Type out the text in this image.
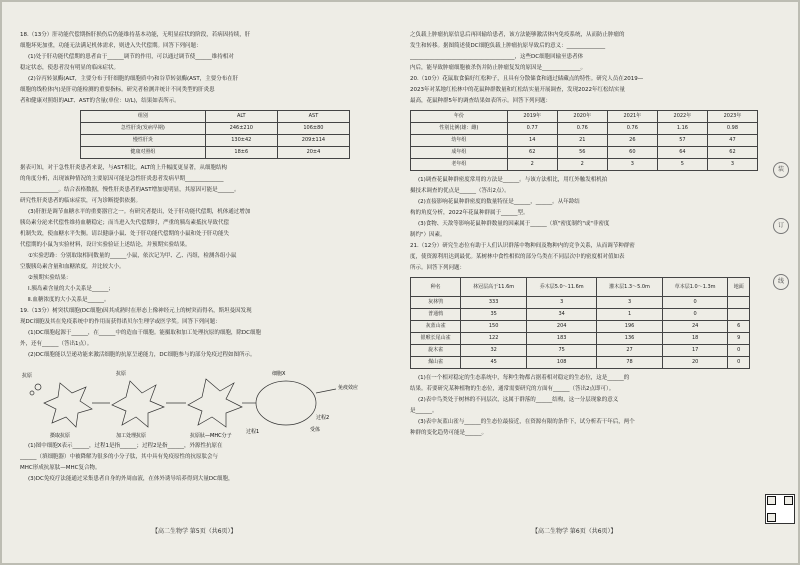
18.（13分）肝功能代偿期指肝损伤后仍能维持基本功能，无明显症状的阶段，若病因持续，肝

细胞坏死加重，功能无法满足机体需求，则进入失代偿期。回答下列问题：

(1)处于肝功能代偿期的患者由于______调节的作用，可以通过调节使______维持相对

稳定状态，使患者没有明显的临床症状。

(2)谷丙转氨酶(ALT，主要分布于肝细胞的细胞质中)和谷草转氨酶(AST，主要分布在肝

细胞的线粒体内)是肝功能检测的重要指标。研究者检测并统计不同类型的肝炎患

者和健康对照组的ALT、AST的含量(单位：U/L)，结果如表所示。

组别	ALT	AST
急性肝炎(发病早期)	246±210	106±80
慢性肝炎	130±42	209±114
健康对照组	18±6	20±4

据表可知，对于急性肝炎患者来说，与AST相比，ALT的上升幅度更显著，从细胞结构

的角度分析，出现该种情况的主要原因可能是急性肝炎患者发病早期______________

______________。结合表格数据，慢性肝炎患者的AST增加更明显，其原因可能是______。

研究性肝炎患者的临床症状，可为诊断提供依据。

(3)肝脏是调节血糖水平的重要器官之一。有研究者提出，处于肝功能代偿期，机体通过增加

胰岛素分泌来代偿性维持血糖稳定；而当进入失代偿期时，严重的胰岛素抵抗导致代偿

机制失效，使血糖水平失衡。请以健康小鼠、处于肝功能代偿期的小鼠和处于肝功能失

代偿期的小鼠为实验材料，设计实验验证上述结论，并预期实验结果。

①实验思路：分别取取相同数量的______小鼠，依次记为甲、乙、丙组，检测各组小鼠

空腹胰岛素含量和血糖浓度，并比较大小。

②预期实验结果：

Ⅰ.胰岛素含量的大小关系是______；

Ⅱ.血糖浓度的大小关系是______。

19.（13分）树突状细胞(DC细胞)因其成熟时在形态上像神经元上的树突而得名，斯坦曼因发现

现DC细胞及其在免疫系统中的作用而获得诺贝尔生理学或医学奖。回答下列问题：

(1)DC细胞起源于______，在______中的造血干细胞。能摄取和加工处理抗原的细胞，除DC细胞

外，还有______（答出1点）。

(2)DC细胞能以呈递功能来激活细胞的抗原呈递能力，DC细胞参与的部分免疫过程如图所示。

抗原
摄取抗原
抗原
加工处理抗原
细胞X
过程1
抗原肽—MHC分子
过程2
受体
免疫效应

(1)图中细胞X表示______，过程1是指______；过程2是指______，外源性抗原在

______（填细胞器）中被降解为很多的小分子肽，其中具有免疫原性的抗原肽会与

MHC形成抗原肽—MHC复合物。

(3)DC免疫疗法能通过采集患者自身的外周血液，在体外诱导培养得到大量DC细胞，

【高二生物学 第5页（共6页）】

之负载上肿瘤抗原信息后再回输给患者，该方法能够激活体内免疫系统，从而防止肿瘤的

发生和转移。据图简述使DC细胞负载上肿瘤抗原导致后的意义：______________

______________________________________，这些DC细胞回输至患者体

内后，能导致肿瘤细胞被杀伤并防止肿瘤复发的原因是______________。

20.（10分）花鼠取食偏好红松种子，且具有分散储食和通过储藏点的特性。研究人员在2019—

2023年对某地红松林中的花鼠种群数量和红松结实量开展调查，发现2022年红松结实量

最高，花鼠种群5年的调查结果如表所示。回答下列问题：

年份	2019年	2020年	2021年	2022年	2023年
性别比例(雄：雌)	0.77	0.76	0.76	1.16	0.98
幼年组	14	21	26	57	47
成年组	62	56	60	64	62
老年组	2	2	3	5	3

(1)调查花鼠种群密度常用的方法是______。与该方法相比，用红外触发相机拍

摄技术调查的优点是______（答出2点）。

(2)直接影响花鼠种群密度的数量特征是______，______。从年龄结

构的角度分析，2022年花鼠种群属于______型。

(3)食物、天敌等影响花鼠种群数量的因素属于______（填"密度制约"或"非密度

制约"）因素。

21.（12分）研究生态位有助于人们认识群落中物种间及物种内的竞争关系，从而调节种群密

度，使资源利用达到最优。某树林中食性相似的部分鸟类在不同层次中的密度相对值如表

所示。回答下列问题：

种名	林冠层高于11.6m	乔木层5.0～11.6m	灌木层1.3～5.0m	草本层1.0～1.3m	地面
灰林鸮	333	3	3	0	
普通鸫	35	34	1	0	
灰蓝山雀	150	204	196	24	6
银喉长尾山雀	122	183	136	18	9
旋木雀	32	75	27	17	0
煤山雀	45	108	78	20	0

(1)在一个相对稳定的生态系统中，每种生物都占据着相对稳定的生态位，这是______的

结果。若要研究某种植物的生态位，通常需要研究的方面有______（答出2点即可）。

(2)表中鸟类处于树林的不同层次，这属于群落的______结构，这一分层现象的意义

是______。

(3)表中灰蓝山雀与______的生态位最接近，在资源有限的条件下，试分析若干年后，两个

种群的变化趋势可能是______。

【高二生物学 第6页（共6页）】
装
订
线
